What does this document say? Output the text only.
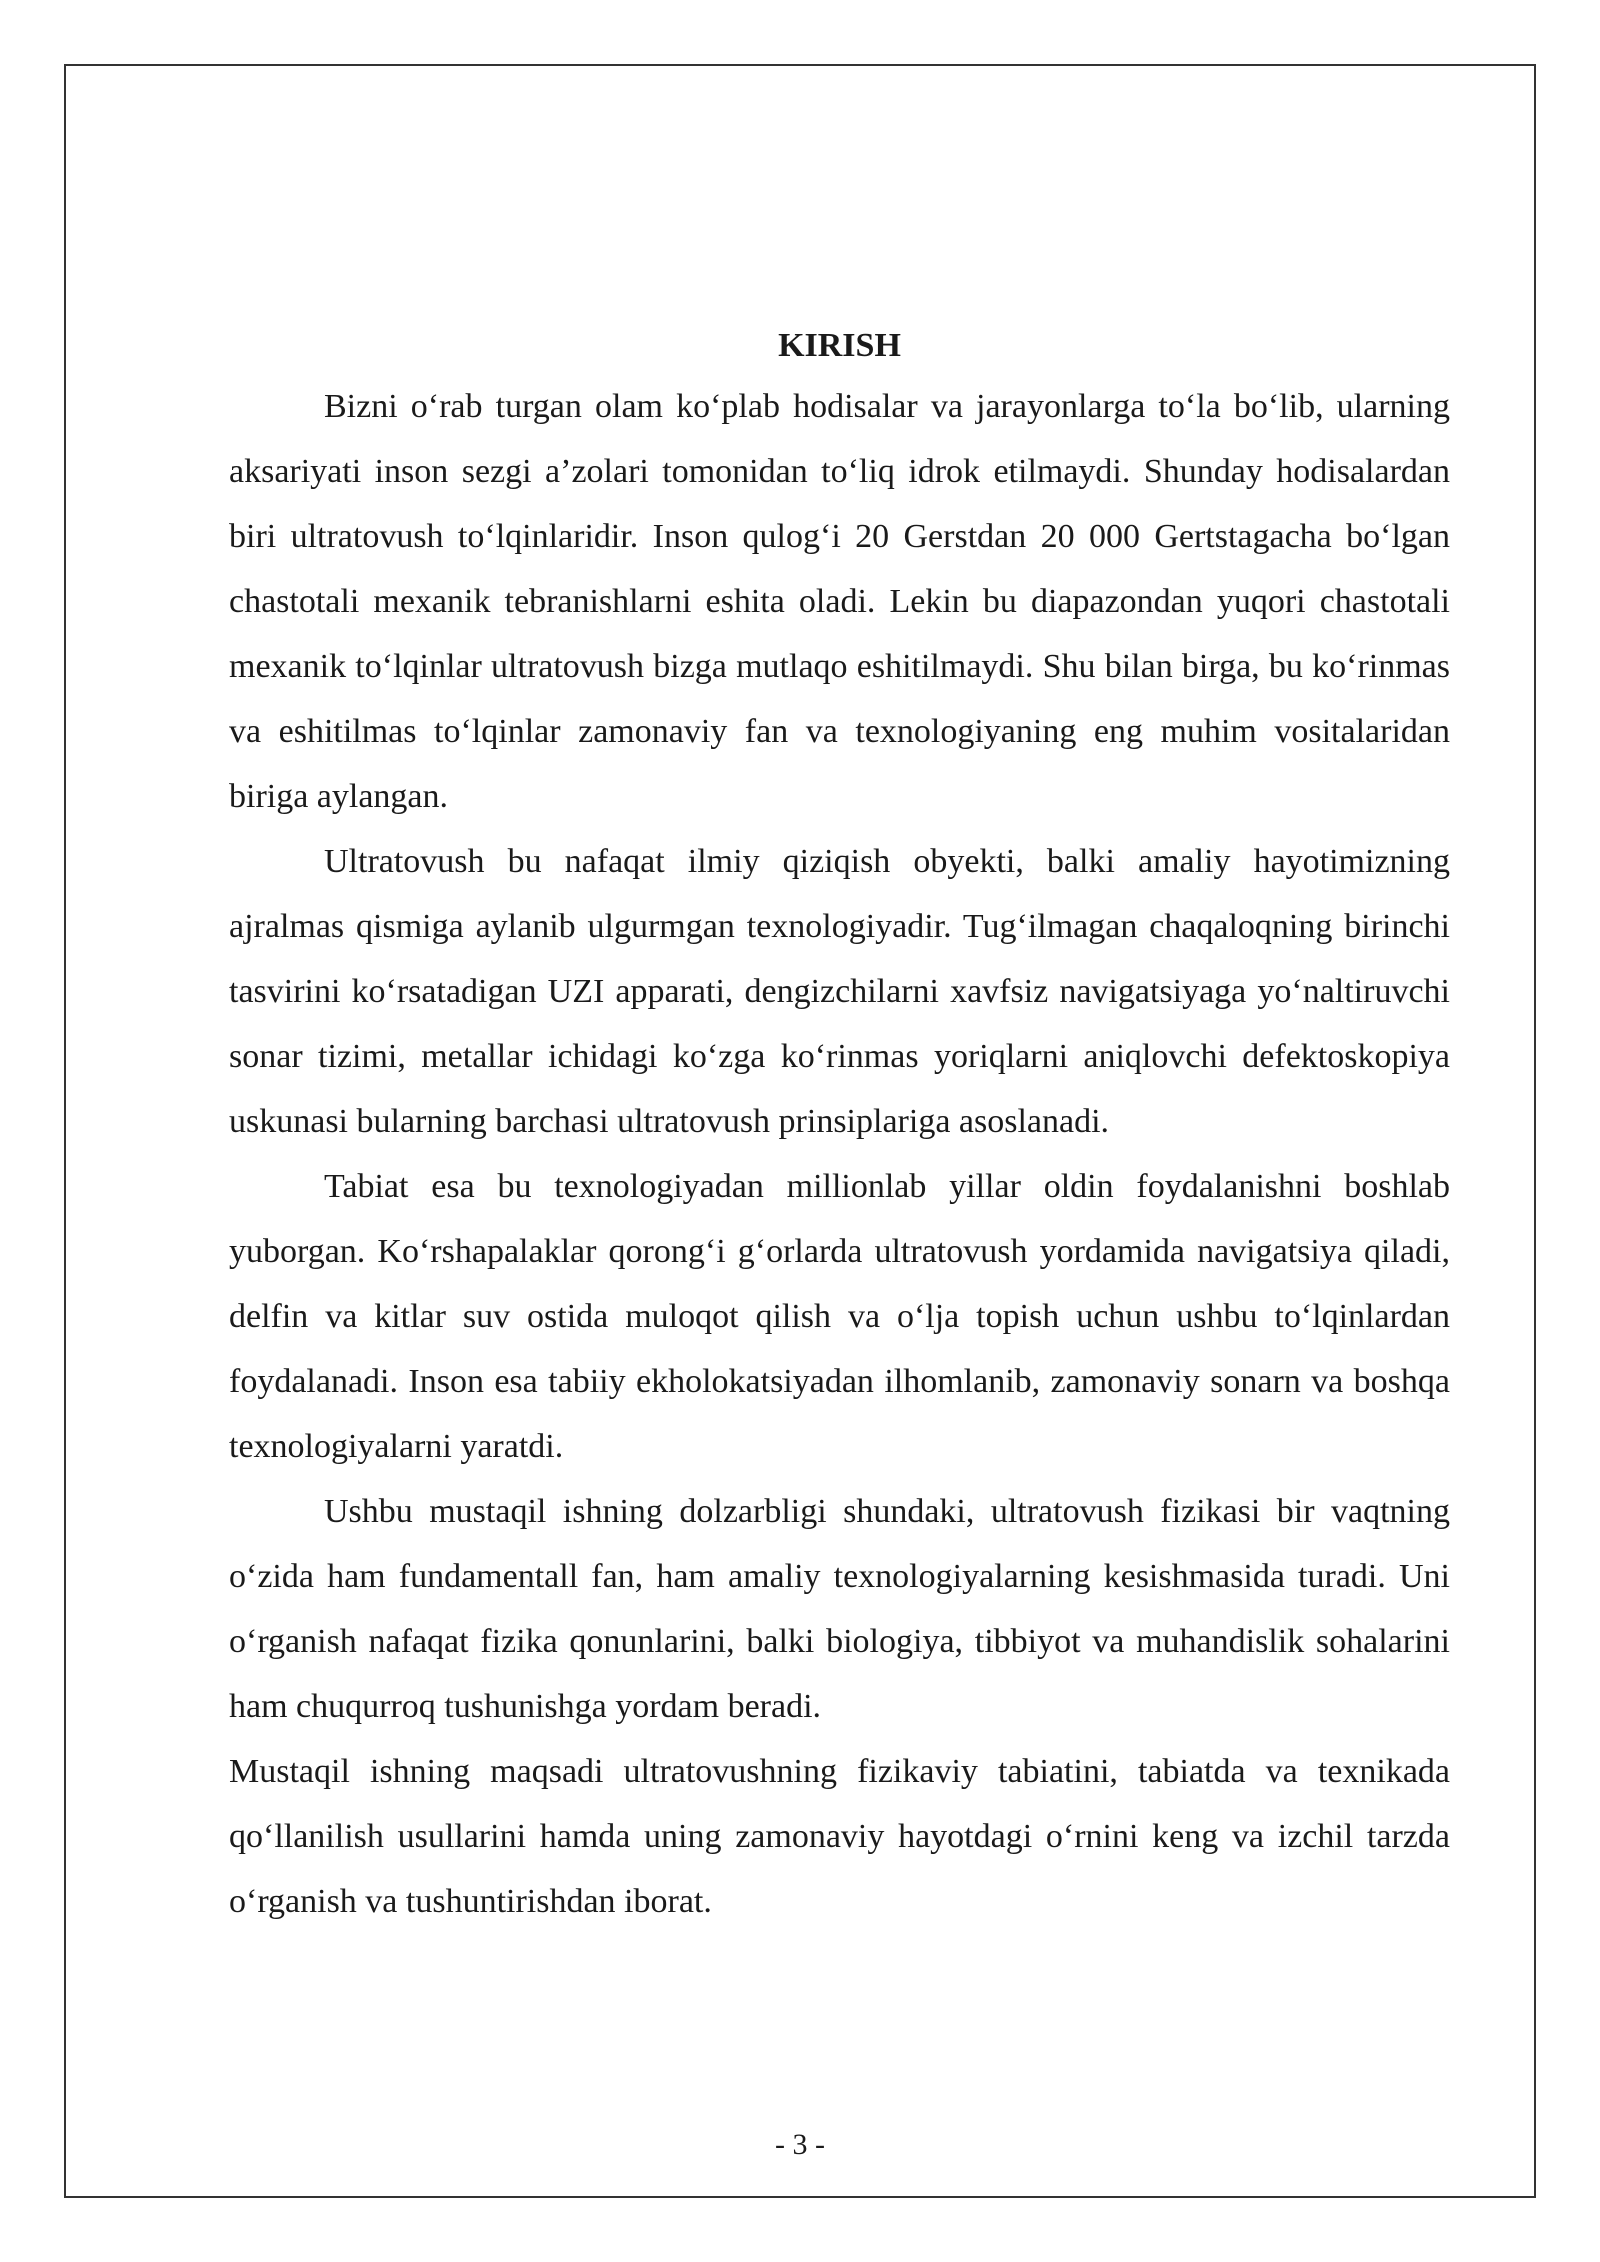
KIRISH

Bizni o‘rab turgan olam ko‘plab hodisalar va jarayonlarga to‘la bo‘lib, ularning aksariyati inson sezgi a’zolari tomonidan to‘liq idrok etilmaydi. Shunday hodisalardan biri ultratovush to‘lqinlaridir. Inson qulog‘i 20 Gerstdan 20 000 Gertstagacha bo‘lgan chastotali mexanik tebranishlarni eshita oladi. Lekin bu diapazondan yuqori chastotali mexanik to‘lqinlar ultratovush bizga mutlaqo eshitilmaydi. Shu bilan birga, bu ko‘rinmas va eshitilmas to‘lqinlar zamonaviy fan va texnologiyaning eng muhim vositalaridan biriga aylangan.

Ultratovush bu nafaqat ilmiy qiziqish obyekti, balki amaliy hayotimizning ajralmas qismiga aylanib ulgurmgan texnologiyadir. Tug‘ilmagan chaqaloqning birinchi tasvirini ko‘rsatadigan UZI apparati, dengizchilarni xavfsiz navigatsiyaga yo‘naltiruvchi sonar tizimi, metallar ichidagi ko‘zga ko‘rinmas yoriqlarni aniqlovchi defektoskopiya uskunasi bularning barchasi ultratovush prinsiplariga asoslanadi.

Tabiat esa bu texnologiyadan millionlab yillar oldin foydalanishni boshlab yuborgan. Ko‘rshapalaklar qorong‘i g‘orlarda ultratovush yordamida navigatsiya qiladi, delfin va kitlar suv ostida muloqot qilish va o‘lja topish uchun ushbu to‘lqinlardan foydalanadi. Inson esa tabiiy ekholokatsiyadan ilhomlanib, zamonaviy sonarn va boshqa texnologiyalarni yaratdi.

Ushbu mustaqil ishning dolzarbligi shundaki, ultratovush fizikasi bir vaqtning o‘zida ham fundamentall fan, ham amaliy texnologiyalarning kesishmasida turadi. Uni o‘rganish nafaqat fizika qonunlarini, balki biologiya, tibbiyot va muhandislik sohalarini ham chuqurroq tushunishga yordam beradi.

Mustaqil ishning maqsadi ultratovushning fizikaviy tabiatini, tabiatda va texnikada qo‘llanilish usullarini hamda uning zamonaviy hayotdagi o‘rnini keng va izchil tarzda o‘rganish va tushuntirishdan iborat.

- 3 -
